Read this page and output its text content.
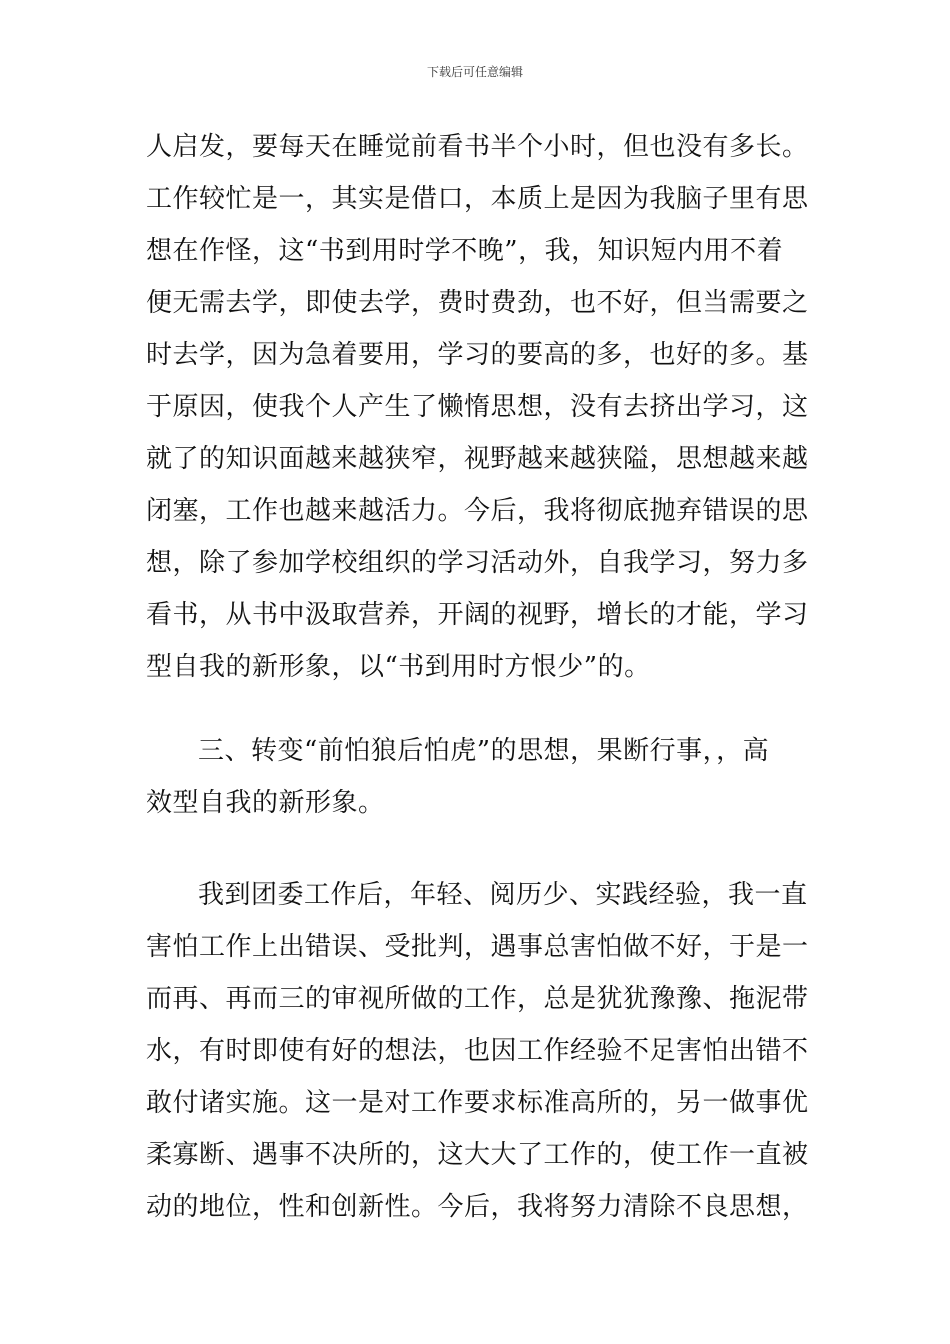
下载后可任意编辑
人启发，要每天在睡觉前看书半个小时，但也没有多长。
工作较忙是一，其实是借口，本质上是因为我脑子里有思
想在作怪，这“书到用时学不晚”，我，知识短内用不着
便无需去学，即使去学，费时费劲，也不好，但当需要之
时去学，因为急着要用，学习的要高的多，也好的多。基
于原因，使我个人产生了懒惰思想，没有去挤出学习，这
就了的知识面越来越狭窄，视野越来越狭隘，思想越来越
闭塞，工作也越来越活力。今后，我将彻底抛弃错误的思
想，除了参加学校组织的学习活动外，自我学习，努力多
看书，从书中汲取营养，开阔的视野，增长的才能，学习
型自我的新形象，以“书到用时方恨少”的。
三、转变“前怕狼后怕虎”的思想，果断行事，，高
效型自我的新形象。
我到团委工作后，年轻、阅历少、实践经验，我一直
害怕工作上出错误、受批判，遇事总害怕做不好，于是一
而再、再而三的审视所做的工作，总是犹犹豫豫、拖泥带
水，有时即使有好的想法，也因工作经验不足害怕出错不
敢付诸实施。这一是对工作要求标准高所的，另一做事优
柔寡断、遇事不决所的，这大大了工作的，使工作一直被
动的地位，性和创新性。今后，我将努力清除不良思想，
